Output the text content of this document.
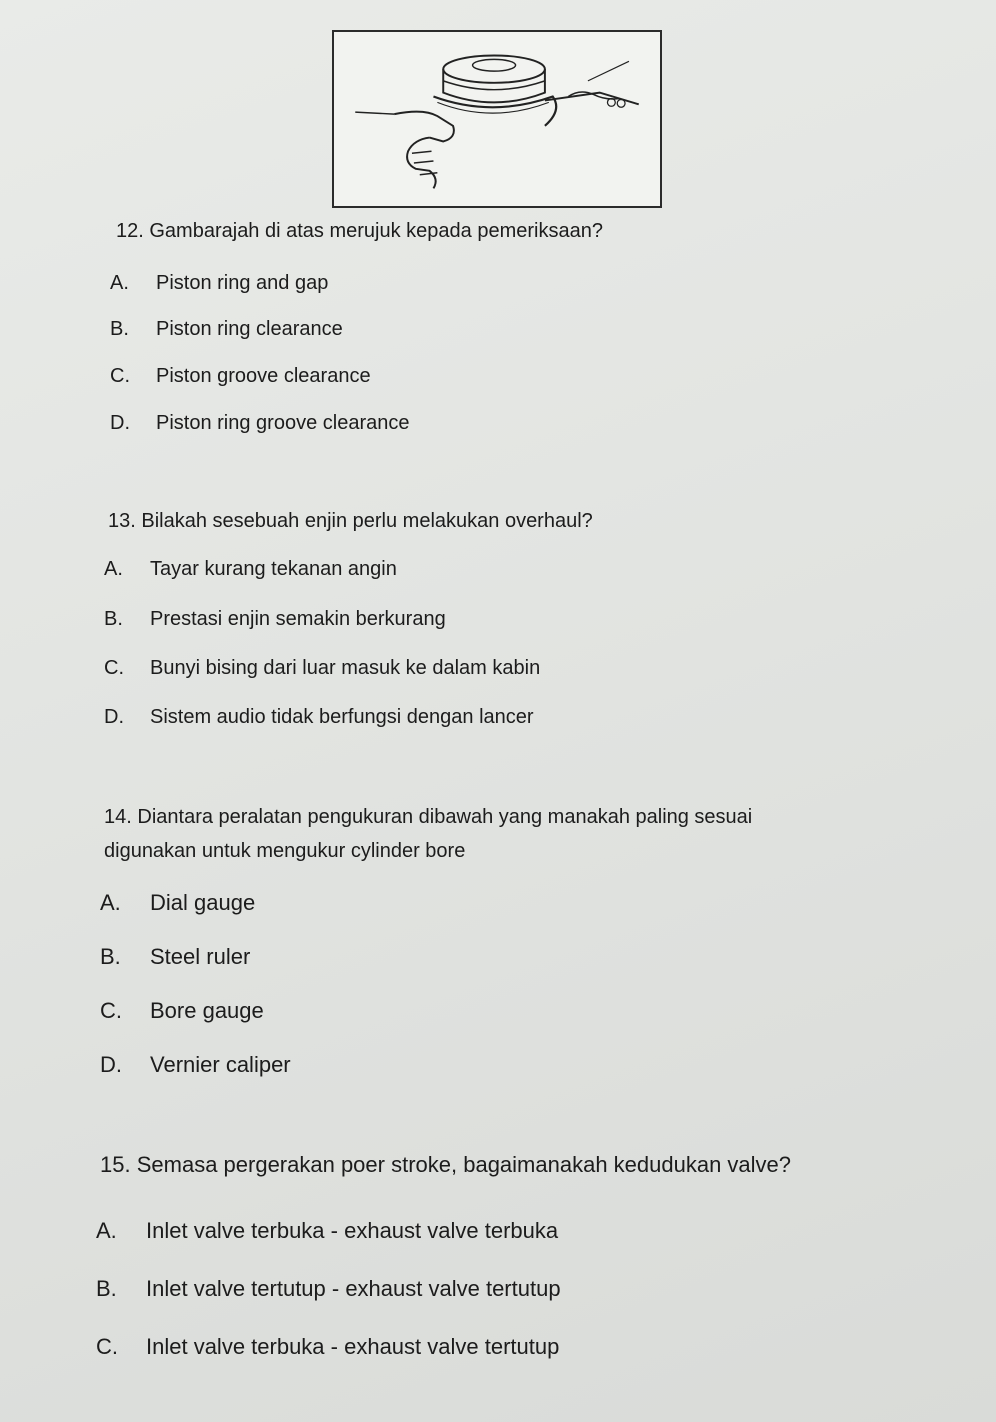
12. Gambarajah di atas merujuk kepada pemeriksaan?
A. Piston ring and gap
B. Piston ring clearance
C. Piston groove clearance
D. Piston ring groove clearance
13. Bilakah sesebuah enjin perlu melakukan overhaul?
A. Tayar kurang tekanan angin
B. Prestasi enjin semakin berkurang
C. Bunyi bising dari luar masuk ke dalam kabin
D. Sistem audio tidak berfungsi dengan lancer
14. Diantara peralatan pengukuran dibawah yang manakah paling sesuai
digunakan untuk mengukur cylinder bore
A. Dial gauge
B. Steel ruler
C. Bore gauge
D. Vernier caliper
15. Semasa pergerakan poer stroke, bagaimanakah kedudukan valve?
A. Inlet valve terbuka - exhaust valve terbuka
B. Inlet valve tertutup - exhaust valve tertutup
C. Inlet valve terbuka - exhaust valve tertutup
